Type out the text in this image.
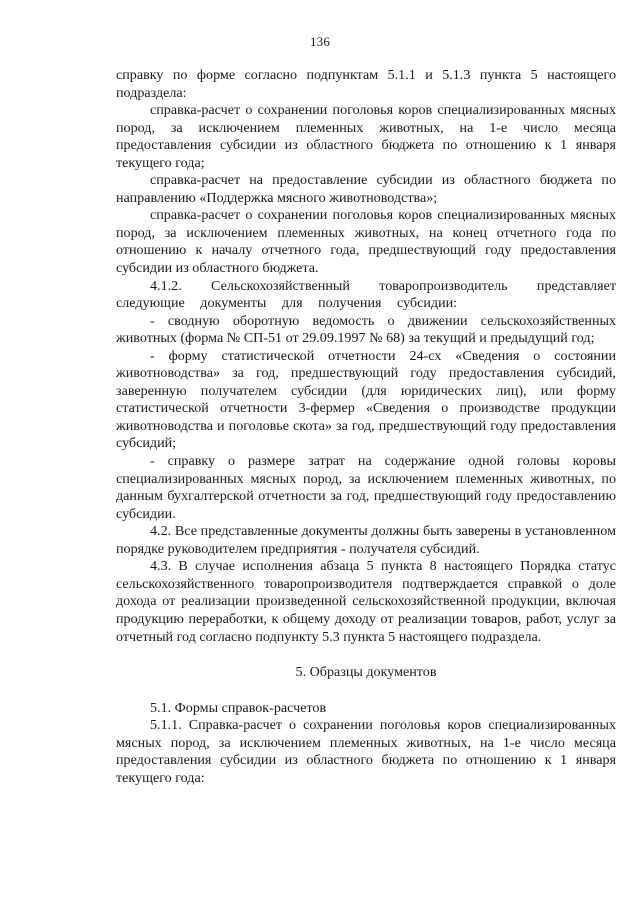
136

справку по форме согласно подпунктам 5.1.1 и 5.1.3 пункта 5 настоящего подраздела:

справка-расчет о сохранении поголовья коров специализированных мясных пород, за исключением племенных животных, на 1-е число месяца предоставления субсидии из областного бюджета по отношению к 1 января текущего года;

справка-расчет на предоставление субсидии из областного бюджета по направлению «Поддержка мясного животноводства»;

справка-расчет о сохранении поголовья коров специализированных мясных пород, за исключением племенных животных, на конец отчетного года по отношению к началу отчетного года, предшествующий году предоставления субсидии из областного бюджета.

4.1.2. Сельскохозяйственный товаропроизводитель представляет следующие документы для получения субсидии:

- сводную оборотную ведомость о движении сельскохозяйственных животных (форма № СП-51 от 29.09.1997 № 68) за текущий и предыдущий год;

- форму статистической отчетности 24-сх «Сведения о состоянии животноводства» за год, предшествующий году предоставления субсидий, заверенную получателем субсидии (для юридических лиц), или форму статистической отчетности 3-фермер «Сведения о производстве продукции животноводства и поголовье скота» за год, предшествующий году предоставления субсидий;

- справку о размере затрат на содержание одной головы коровы специализированных мясных пород, за исключением племенных животных, по данным бухгалтерской отчетности за год, предшествующий году предоставлению субсидии.

4.2. Все представленные документы должны быть заверены в установленном порядке руководителем предприятия - получателя субсидий.

4.3. В случае исполнения абзаца 5 пункта 8 настоящего Порядка статус сельскохозяйственного товаропроизводителя подтверждается справкой о доле дохода от реализации произведенной сельскохозяйственной продукции, включая продукцию переработки, к общему доходу от реализации товаров, работ, услуг за отчетный год согласно подпункту 5.3 пункта 5 настоящего подраздела.

5. Образцы документов

5.1. Формы справок-расчетов

5.1.1. Справка-расчет о сохранении поголовья коров специализированных мясных пород, за исключением племенных животных, на 1-е число месяца предоставления субсидии из областного бюджета по отношению к 1 января текущего года:
